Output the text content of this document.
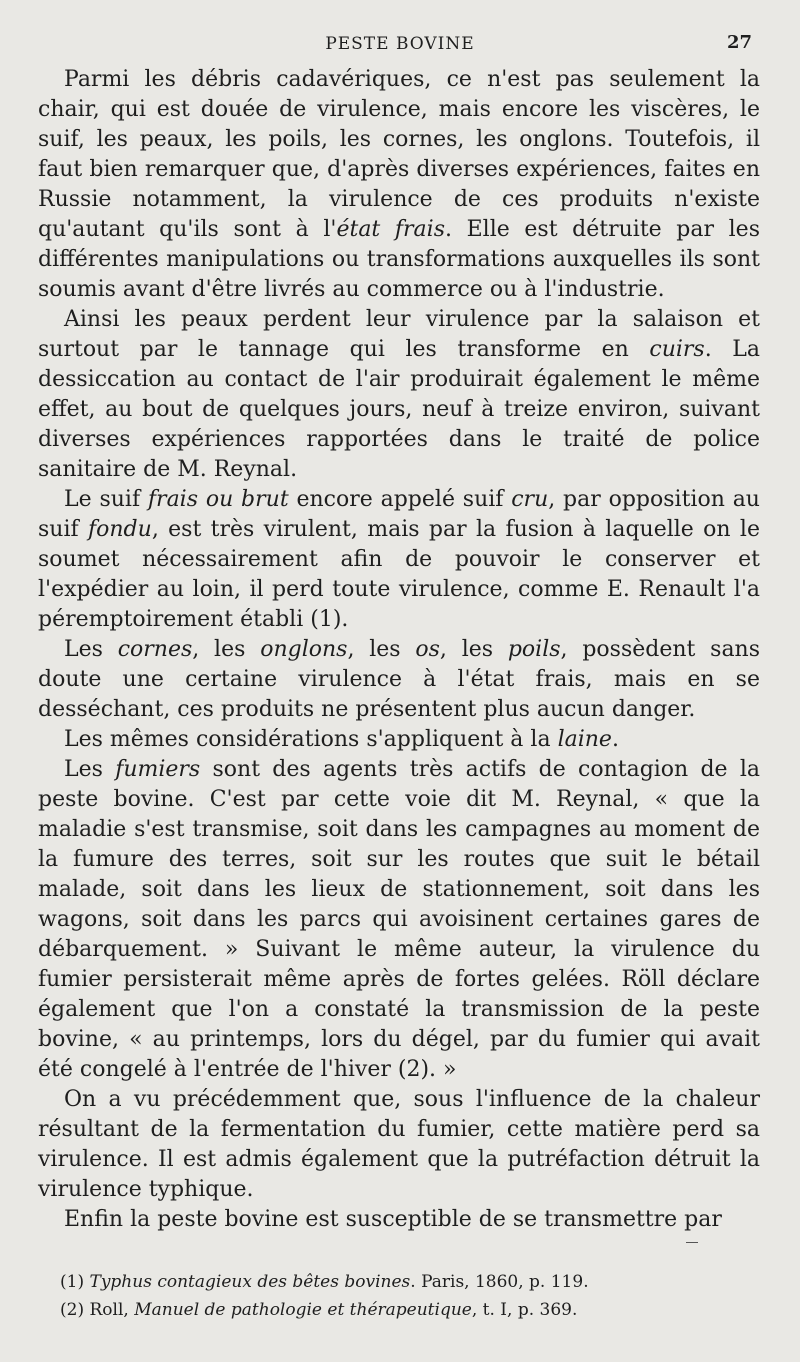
PESTE BOVINE	27

Parmi les débris cadavériques, ce n'est pas seulement la chair, qui est douée de virulence, mais encore les viscères, le suif, les peaux, les poils, les cornes, les onglons. Toutefois, il faut bien remarquer que, d'après diverses expériences, faites en Russie notamment, la virulence de ces produits n'existe qu'autant qu'ils sont à l'état frais. Elle est détruite par les différentes manipulations ou transformations auxquelles ils sont soumis avant d'être livrés au commerce ou à l'industrie.

Ainsi les peaux perdent leur virulence par la salaison et surtout par le tannage qui les transforme en cuirs. La dessiccation au contact de l'air produirait également le même effet, au bout de quelques jours, neuf à treize environ, suivant diverses expériences rapportées dans le traité de police sanitaire de M. Reynal.

Le suif frais ou brut encore appelé suif cru, par opposition au suif fondu, est très virulent, mais par la fusion à laquelle on le soumet nécessairement afin de pouvoir le conserver et l'expédier au loin, il perd toute virulence, comme E. Renault l'a péremptoirement établi (1).

Les cornes, les onglons, les os, les poils, possèdent sans doute une certaine virulence à l'état frais, mais en se desséchant, ces produits ne présentent plus aucun danger.

Les mêmes considérations s'appliquent à la laine.

Les fumiers sont des agents très actifs de contagion de la peste bovine. C'est par cette voie dit M. Reynal, « que la maladie s'est transmise, soit dans les campagnes au moment de la fumure des terres, soit sur les routes que suit le bétail malade, soit dans les lieux de stationnement, soit dans les wagons, soit dans les parcs qui avoisinent certaines gares de débarquement. » Suivant le même auteur, la virulence du fumier persisterait même après de fortes gelées. Röll déclare également que l'on a constaté la transmission de la peste bovine, « au printemps, lors du dégel, par du fumier qui avait été congelé à l'entrée de l'hiver (2). »

On a vu précédemment que, sous l'influence de la chaleur résultant de la fermentation du fumier, cette matière perd sa virulence. Il est admis également que la putréfaction détruit la virulence typhique.

Enfin la peste bovine est susceptible de se transmettre par

(1) Typhus contagieux des bêtes bovines. Paris, 1860, p. 119.

(2) Roll, Manuel de pathologie et thérapeutique, t. I, p. 369.
